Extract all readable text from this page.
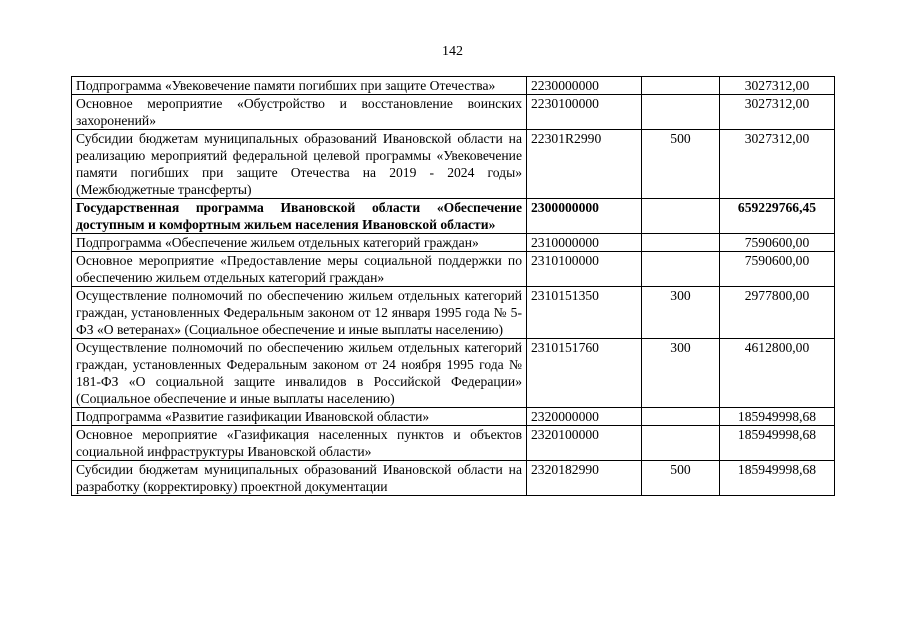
142
Подпрограмма «Увековечение памяти погибших при защите Отечества»	2230000000		3027312,00
Основное мероприятие «Обустройство и восстановление воинских захоронений»	2230100000		3027312,00
Субсидии бюджетам муниципальных образований Ивановской области на реализацию мероприятий федеральной целевой программы «Увековечение памяти погибших при защите Отечества на 2019 - 2024 годы» (Межбюджетные трансферты)	22301R2990	500	3027312,00
Государственная программа Ивановской области «Обеспечение доступным и комфортным жильем населения Ивановской области»	2300000000		659229766,45
Подпрограмма «Обеспечение жильем отдельных категорий граждан»	2310000000		7590600,00
Основное мероприятие «Предоставление меры социальной поддержки по обеспечению жильем отдельных категорий граждан»	2310100000		7590600,00
Осуществление полномочий по обеспечению жильем отдельных категорий граждан, установленных Федеральным законом от 12 января 1995 года № 5-ФЗ «О ветеранах» (Социальное обеспечение и иные выплаты населению)	2310151350	300	2977800,00
Осуществление полномочий по обеспечению жильем отдельных категорий граждан, установленных Федеральным законом от 24 ноября 1995 года № 181-ФЗ «О социальной защите инвалидов в Российской Федерации» (Социальное обеспечение и иные выплаты населению)	2310151760	300	4612800,00
Подпрограмма «Развитие газификации Ивановской области»	2320000000		185949998,68
Основное мероприятие «Газификация населенных пунктов и объектов социальной инфраструктуры Ивановской области»	2320100000		185949998,68
Субсидии бюджетам муниципальных образований Ивановской области на разработку (корректировку) проектной документации	2320182990	500	185949998,68
